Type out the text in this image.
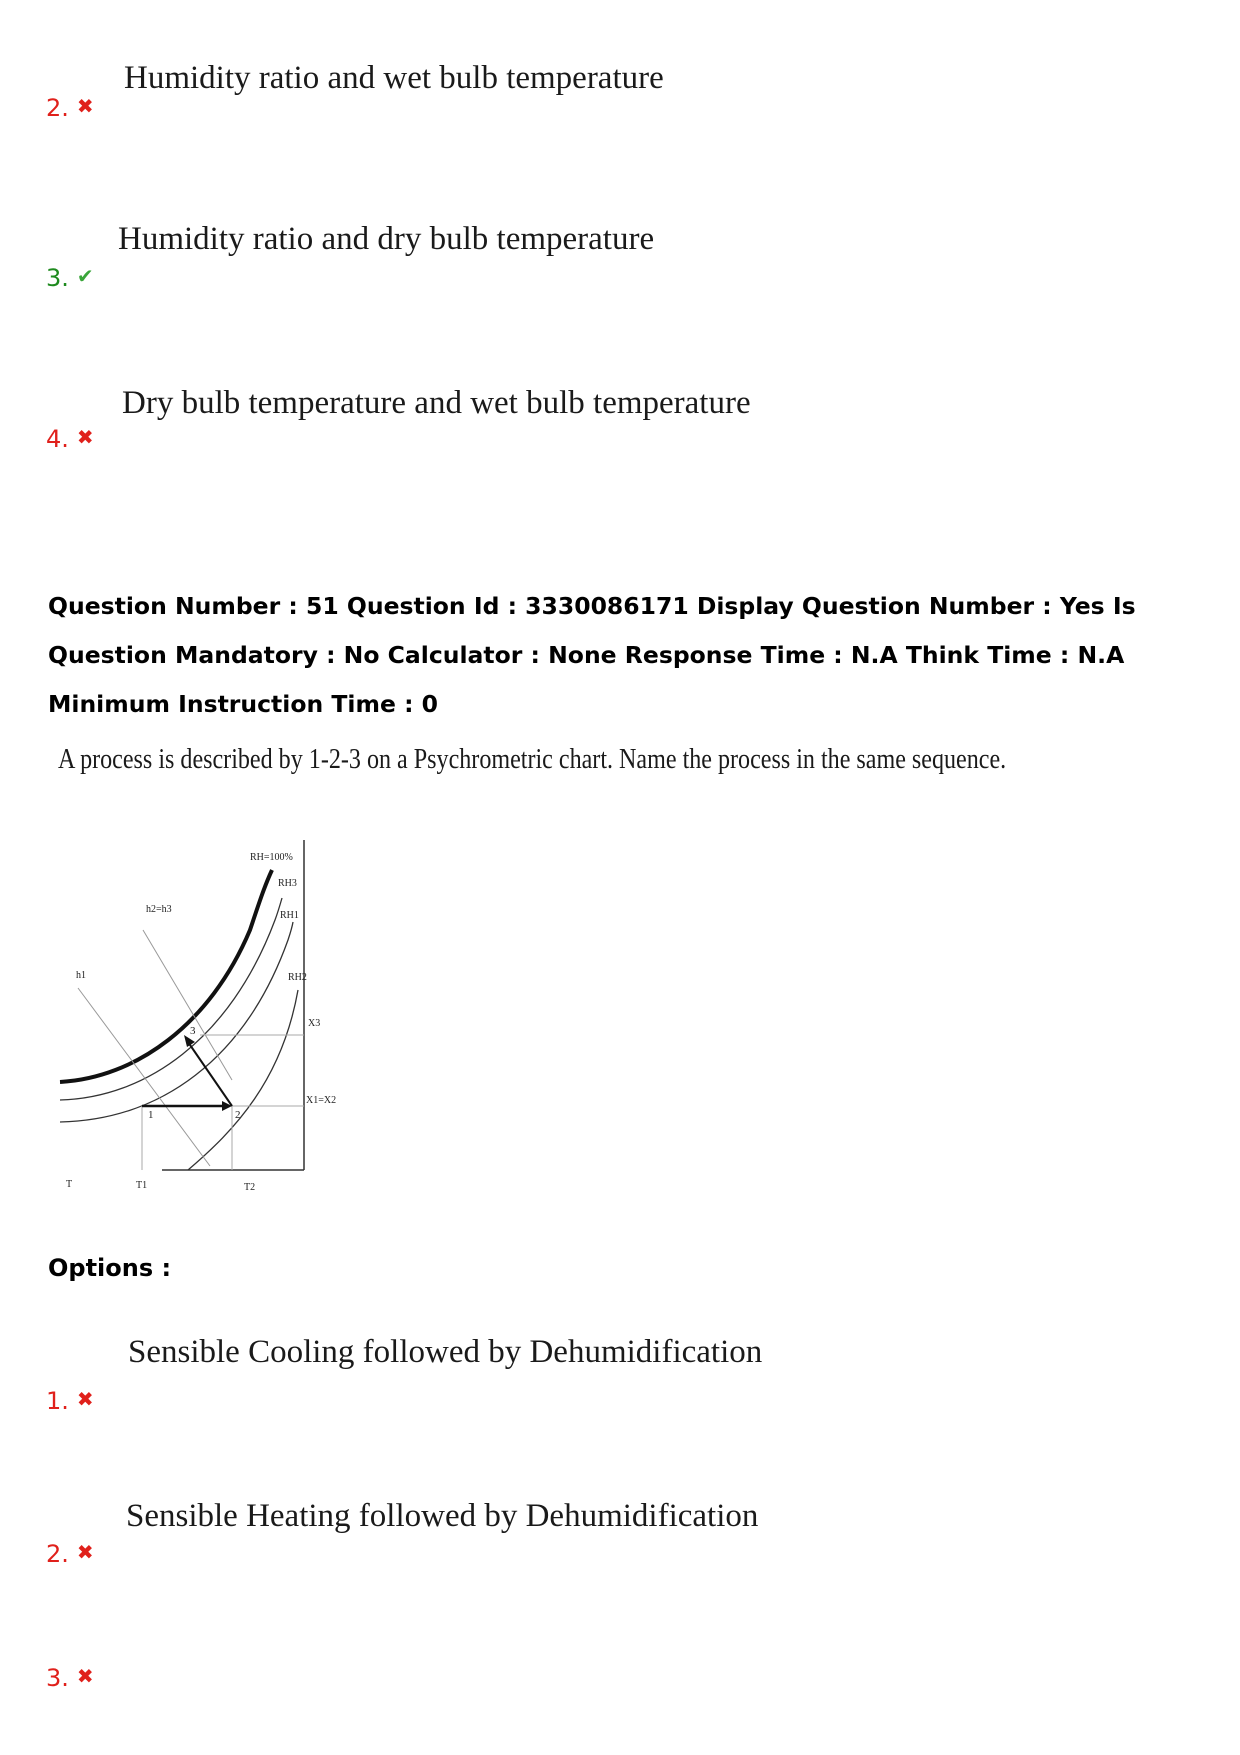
Humidity ratio and wet bulb temperature
2. ✖
Humidity ratio and dry bulb temperature
3. ✔
Dry bulb temperature and wet bulb temperature
4. ✖
Question Number : 51 Question Id : 3330086171 Display Question Number : Yes Is Question Mandatory : No Calculator : None Response Time : N.A Think Time : N.A Minimum Instruction Time : 0
A process is described by 1-2-3 on a Psychrometric chart. Name the process in the same sequence.
RH=100%
RH3
RH1
RH2
h2=h3
h1
X3
X1=X2
1	2
3
T	T1	T2
Options :
Sensible Cooling followed by Dehumidification
1. ✖
Sensible Heating followed by Dehumidification
2. ✖
3. ✖
